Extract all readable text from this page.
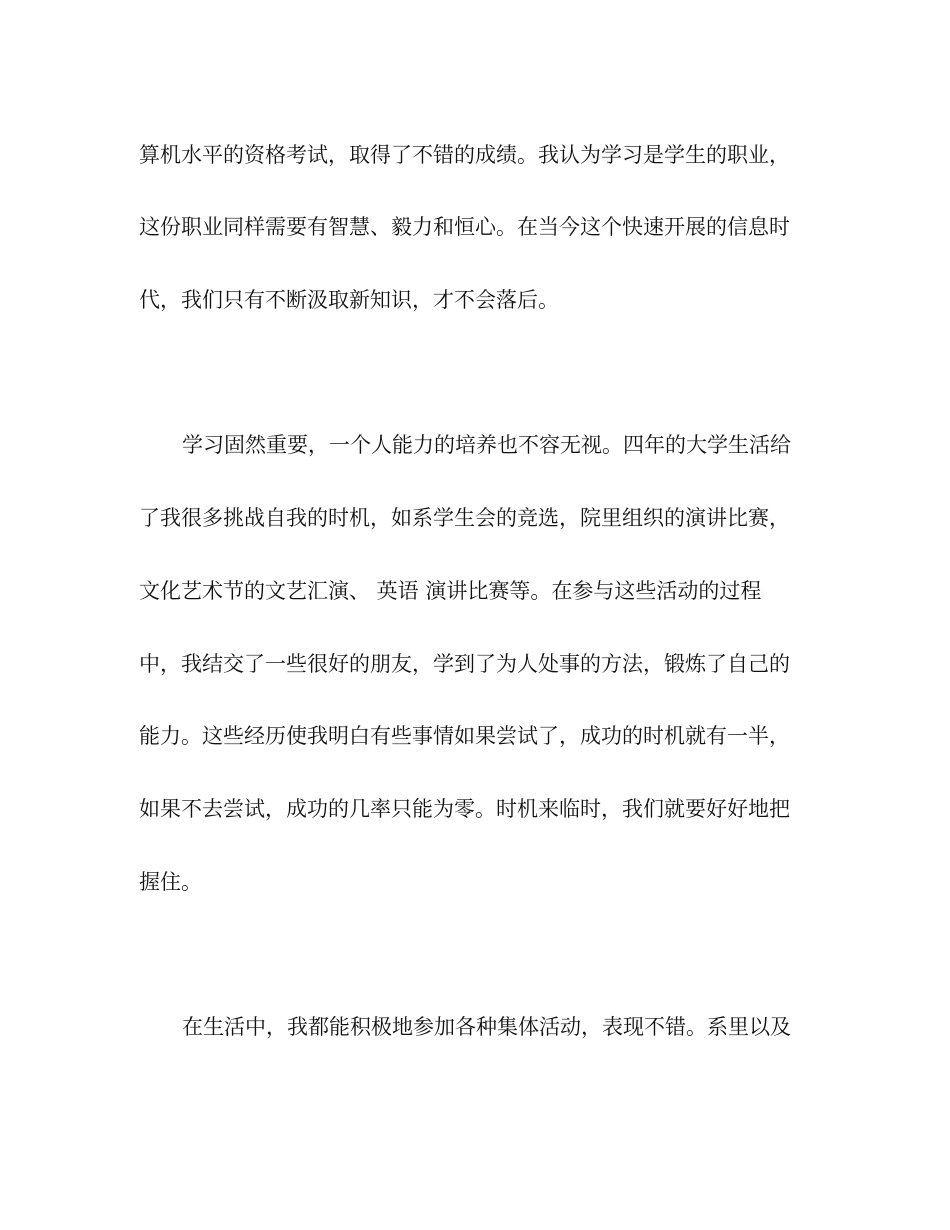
算机水平的资格考试，取得了不错的成绩。我认为学习是学生的职业，
这份职业同样需要有智慧、毅力和恒心。在当今这个快速开展的信息时
代，我们只有不断汲取新知识，才不会落后。
学习固然重要，一个人能力的培养也不容无视。四年的大学生活给
了我很多挑战自我的时机，如系学生会的竞选，院里组织的演讲比赛，
文化艺术节的文艺汇演、 英语 演讲比赛等。在参与这些活动的过程
中，我结交了一些很好的朋友，学到了为人处事的方法，锻炼了自己的
能力。这些经历使我明白有些事情如果尝试了，成功的时机就有一半，
如果不去尝试，成功的几率只能为零。时机来临时，我们就要好好地把
握住。
在生活中，我都能积极地参加各种集体活动，表现不错。系里以及
